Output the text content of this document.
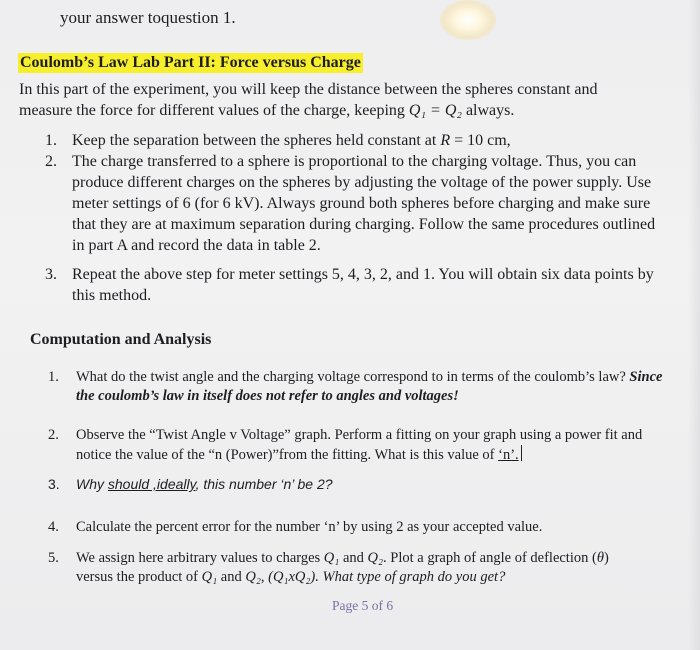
your answer toquestion 1.
Coulomb’s Law Lab Part II: Force versus Charge
In this part of the experiment, you will keep the distance between the spheres constant and
measure the force for different values of the charge, keeping Q₁ = Q₂ always.
1. Keep the separation between the spheres held constant at R = 10 cm,
2. The charge transferred to a sphere is proportional to the charging voltage. Thus, you can
produce different charges on the spheres by adjusting the voltage of the power supply. Use
meter settings of 6 (for 6 kV). Always ground both spheres before charging and make sure
that they are at maximum separation during charging. Follow the same procedures outlined
in part A and record the data in table 2.
3. Repeat the above step for meter settings 5, 4, 3, 2, and 1. You will obtain six data points by
this method.
Computation and Analysis
1. What do the twist angle and the charging voltage correspond to in terms of the coulomb’s law? Since
the coulomb’s law in itself does not refer to angles and voltages!
2. Observe the “Twist Angle v Voltage” graph. Perform a fitting on your graph using a power fit and
notice the value of the “n (Power)”from the fitting. What is this value of ‘n’.
3. Why should ,ideally, this number ‘n’ be 2?
4. Calculate the percent error for the number ‘n’ by using 2 as your accepted value.
5. We assign here arbitrary values to charges Q₁ and Q₂. Plot a graph of angle of deflection (θ)
versus the product of Q₁ and Q₂, (Q₁xQ₂). What type of graph do you get?
Page 5 of 6
